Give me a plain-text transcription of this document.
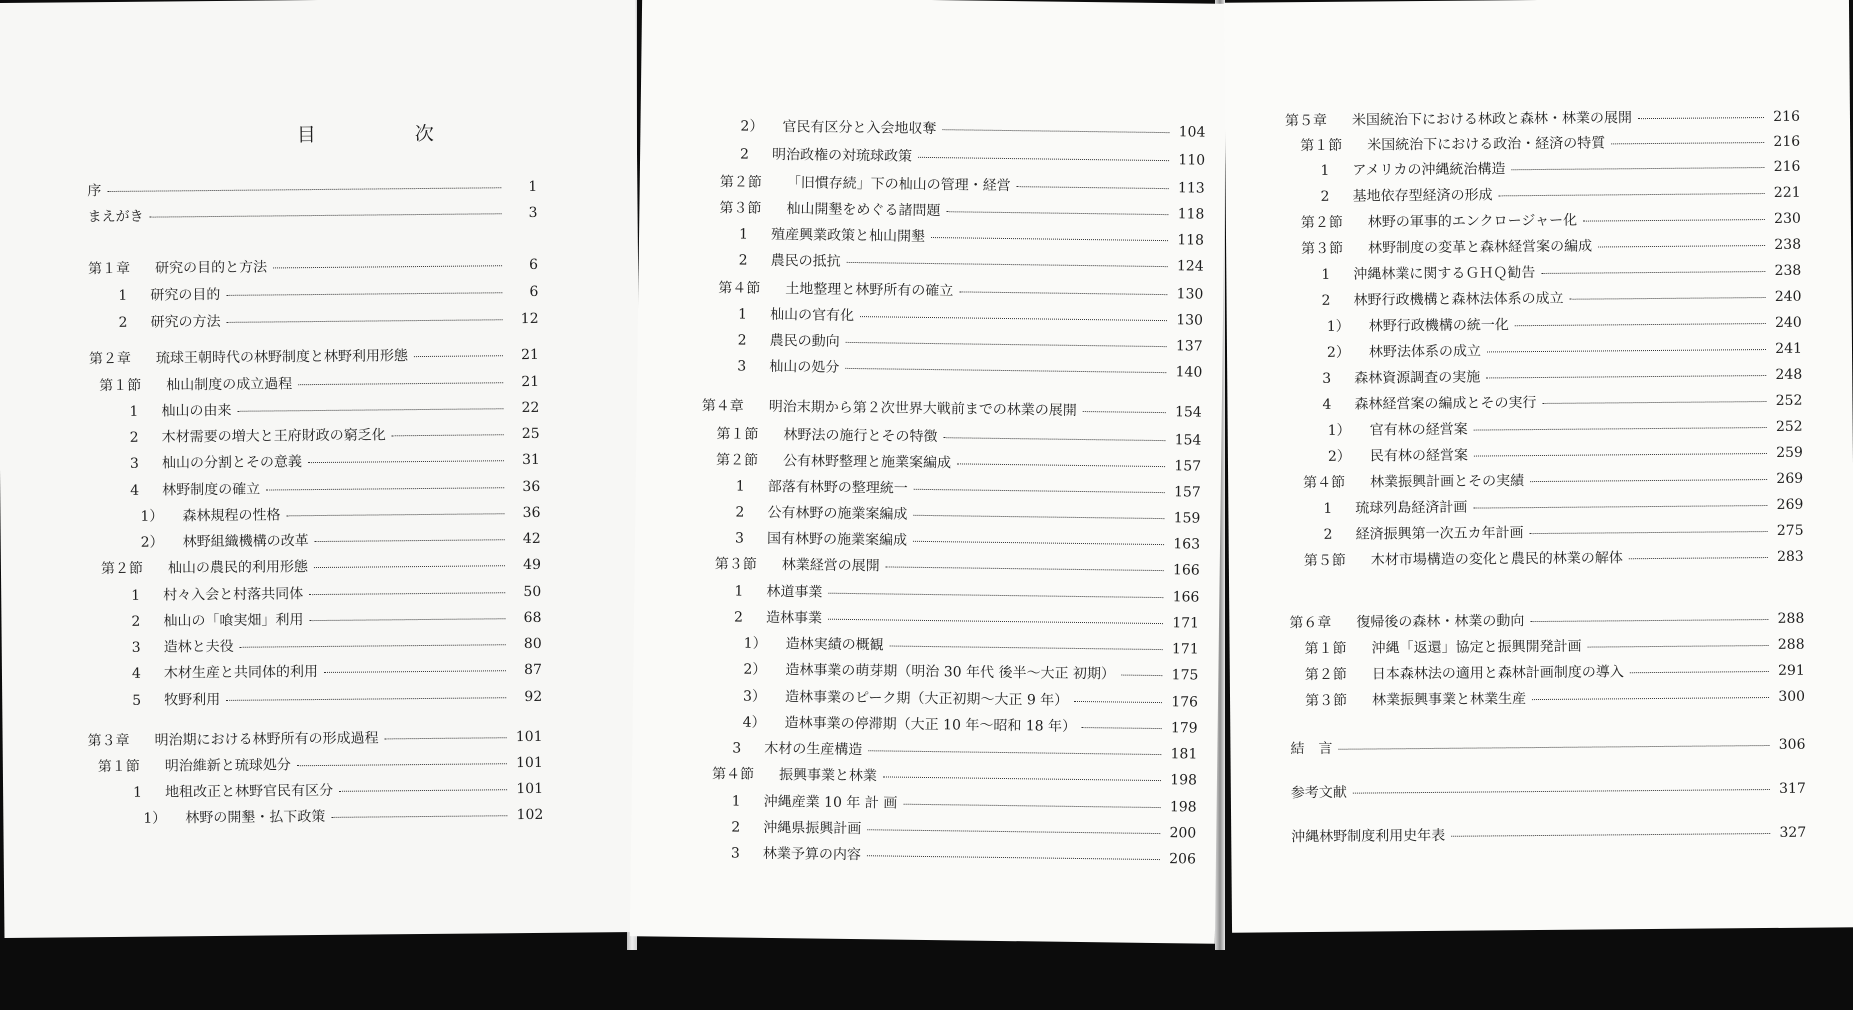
目　次
序	1
まえがき	3
第１章	研究の目的と方法	6
1	研究の目的	6
2	研究の方法	12
第２章	琉球王朝時代の林野制度と林野利用形態	21
第１節	杣山制度の成立過程	21
1	杣山の由来	22
2	木材需要の増大と王府財政の窮乏化	25
3	杣山の分割とその意義	31
4	林野制度の確立	36
1）	森林規程の性格	36
2）	林野組織機構の改革	42
第２節	杣山の農民的利用形態	49
1	村々入会と村落共同体	50
2	杣山の「喰実畑」利用	68
3	造林と夫役	80
4	木材生産と共同体的利用	87
5	牧野利用	92
第３章	明治期における林野所有の形成過程	101
第１節	明治維新と琉球処分	101
1	地租改正と林野官民有区分	101
1）	林野の開墾・払下政策	102
2）	官民有区分と入会地収奪	104
2	明治政権の対琉球政策	110
第２節	「旧慣存続」下の杣山の管理・経営	113
第３節	杣山開墾をめぐる諸問題	118
1	殖産興業政策と杣山開墾	118
2	農民の抵抗	124
第４節	土地整理と林野所有の確立	130
1	杣山の官有化	130
2	農民の動向	137
3	杣山の処分	140
第４章	明治末期から第２次世界大戦前までの林業の展開	154
第１節	林野法の施行とその特徴	154
第２節	公有林野整理と施業案編成	157
1	部落有林野の整理統一	157
2	公有林野の施業案編成	159
3	国有林野の施業案編成	163
第３節	林業経営の展開	166
1	林道事業	166
2	造林事業	171
1）	造林実績の概観	171
2）	造林事業の萌芽期（明治 30 年代 後半～大正 初期）	175
3）	造林事業のピーク期（大正初期～大正 9 年）	176
4）	造林事業の停滞期（大正 10 年～昭和 18 年）	179
3	木材の生産構造	181
第４節	振興事業と林業	198
1	沖縄産業 10 年 計 画	198
2	沖縄県振興計画	200
3	林業予算の内容	206
第５章	米国統治下における林政と森林・林業の展開	216
第１節	米国統治下における政治・経済の特質	216
1	アメリカの沖縄統治構造	216
2	基地依存型経済の形成	221
第２節	林野の軍事的エンクロージャー化	230
第３節	林野制度の変革と森林経営案の編成	238
1	沖縄林業に関するＧＨＱ勧告	238
2	林野行政機構と森林法体系の成立	240
1）	林野行政機構の統一化	240
2）	林野法体系の成立	241
3	森林資源調査の実施	248
4	森林経営案の編成とその実行	252
1）	官有林の経営案	252
2）	民有林の経営案	259
第４節	林業振興計画とその実績	269
1	琉球列島経済計画	269
2	経済振興第一次五カ年計画	275
第５節	木材市場構造の変化と農民的林業の解体	283
第６章	復帰後の森林・林業の動向	288
第１節	沖縄「返還」協定と振興開発計画	288
第２節	日本森林法の適用と森林計画制度の導入	291
第３節	林業振興事業と林業生産	300
結　言	306
参考文献	317
沖縄林野制度利用史年表	327
